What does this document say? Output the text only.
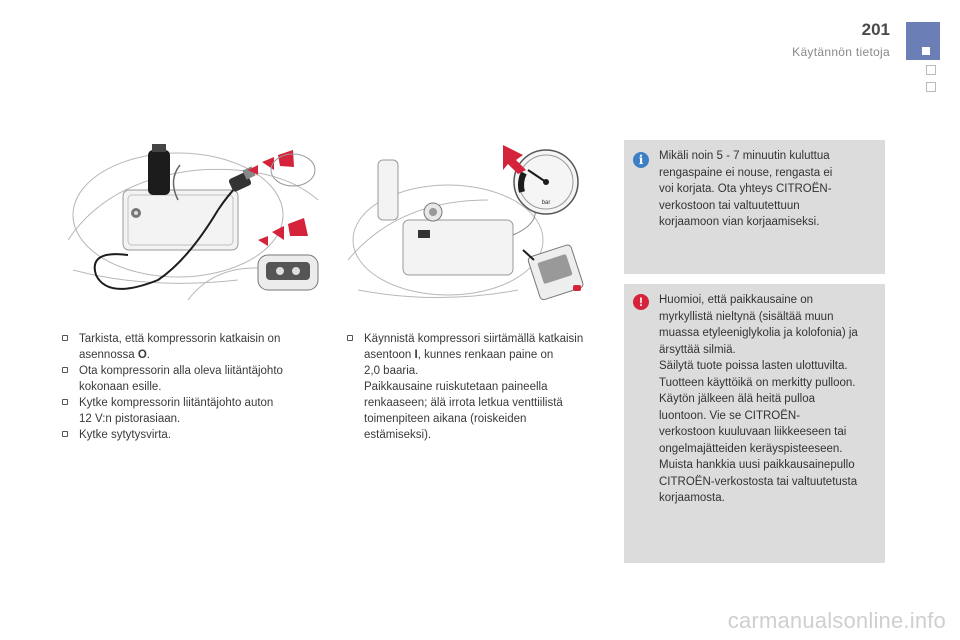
201
Käytännön tietoja
bar
Tarkista, että kompressorin katkaisin on
asennossa O.
Ota kompressorin alla oleva liitäntäjohto
kokonaan esille.
Kytke kompressorin liitäntäjohto auton
12 V:n pistorasiaan.
Kytke sytytysvirta.
Käynnistä kompressori siirtämällä katkaisin
asentoon I, kunnes renkaan paine on
2,0 baaria.
Paikkausaine ruiskutetaan paineella
renkaaseen; älä irrota letkua venttiilistä
toimenpiteen aikana (roiskeiden
estämiseksi).
i	Mikäli noin 5 - 7 minuutin kuluttua
rengaspaine ei nouse, rengasta ei
voi korjata. Ota yhteys CITROËN-
verkostoon tai valtuutettuun
korjaamoon vian korjaamiseksi.
!	Huomioi, että paikkausaine on
myrkyllistä nieltynä (sisältää muun
muassa etyleeniglykolia ja kolofonia) ja
ärsyttää silmiä.
Säilytä tuote poissa lasten ulottuvilta.
Tuotteen käyttöikä on merkitty pulloon.
Käytön jälkeen älä heitä pulloa
luontoon. Vie se CITROËN-
verkostoon kuuluvaan liikkeeseen tai
ongelmajätteiden keräyspisteeseen.
Muista hankkia uusi paikkausainepullo
CITROËN-verkostosta tai valtuutetusta
korjaamosta.
carmanualsonline.info
